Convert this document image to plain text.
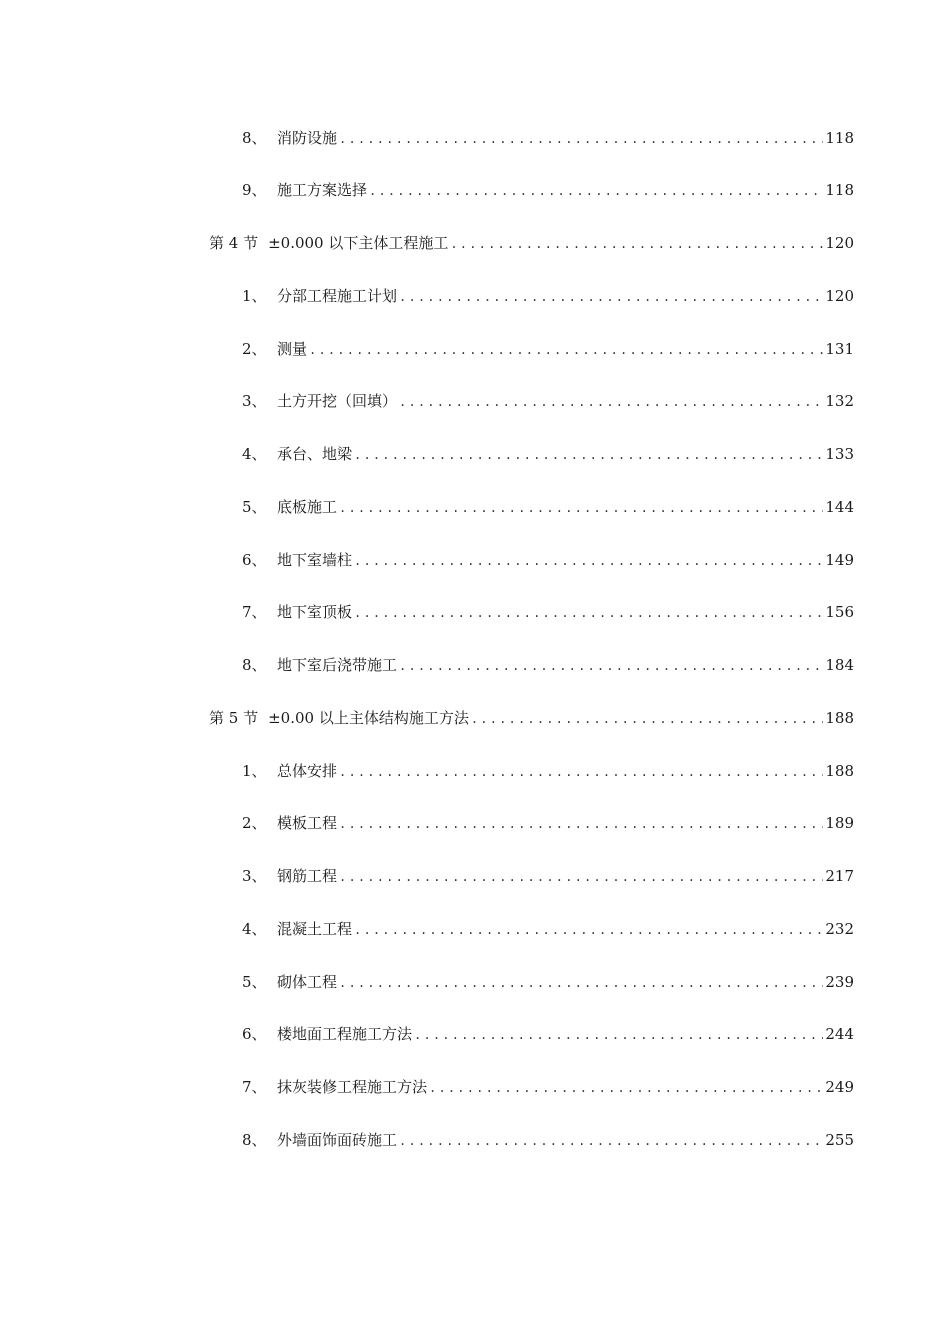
8、 消防设施 .....	118
9、 施工方案选择 .....	118
第 4 节 ±0.000 以下主体工程施工 .....	120
1、 分部工程施工计划 .....	120
2、 测量 .....	131
3、 土方开挖（回填） .....	132
4、 承台、地梁 .....	133
5、 底板施工 .....	144
6、 地下室墙柱 .....	149
7、 地下室顶板 .....	156
8、 地下室后浇带施工 .....	184
第 5 节 ±0.00 以上主体结构施工方法 .....	188
1、 总体安排 .....	188
2、 模板工程 .....	189
3、 钢筋工程 .....	217
4、 混凝土工程 .....	232
5、 砌体工程 .....	239
6、 楼地面工程施工方法 .....	244
7、 抹灰装修工程施工方法 .....	249
8、 外墙面饰面砖施工 .....	255
